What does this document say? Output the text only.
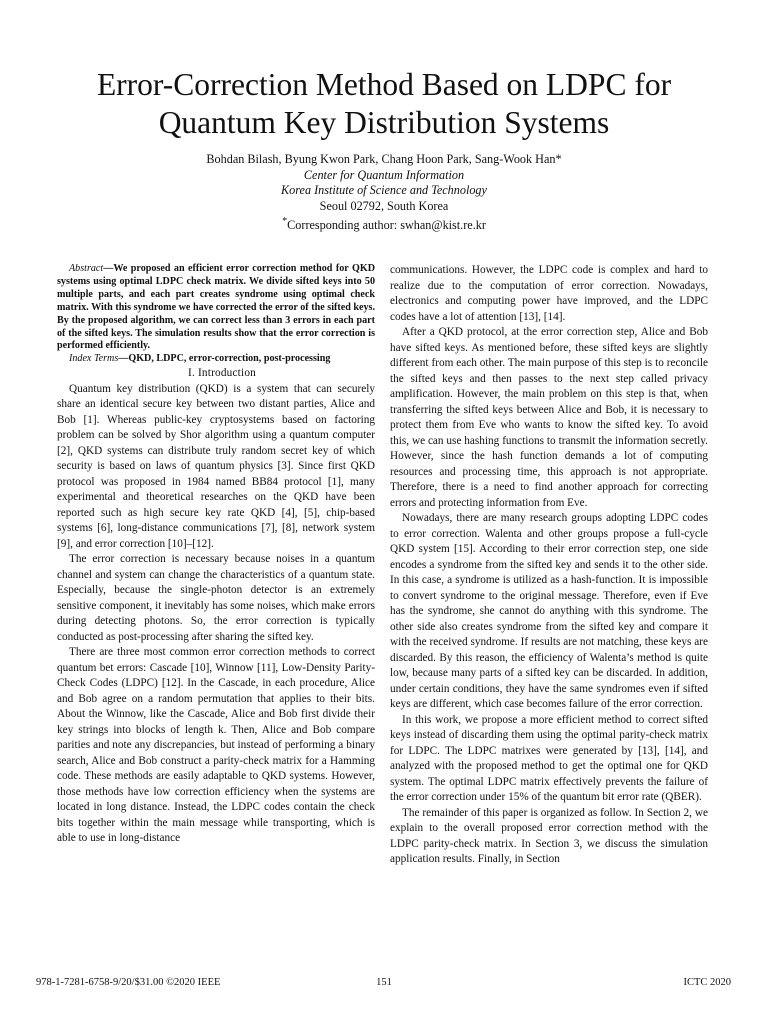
Error-Correction Method Based on LDPC for
Quantum Key Distribution Systems
Bohdan Bilash, Byung Kwon Park, Chang Hoon Park, Sang-Wook Han*
Center for Quantum Information
Korea Institute of Science and Technology
Seoul 02792, South Korea
*Corresponding author: swhan@kist.re.kr

Abstract—We proposed an efficient error correction method for QKD systems using optimal LDPC check matrix. We divide sifted keys into 50 multiple parts, and each part creates syndrome using optimal check matrix. With this syndrome we have corrected the error of the sifted keys. By the proposed algorithm, we can correct less than 3 errors in each part of the sifted keys. The simulation results show that the error correction is performed efficiently.

Index Terms—QKD, LDPC, error-correction, post-processing

I. Introduction

Quantum key distribution (QKD) is a system that can securely share an identical secure key between two distant parties, Alice and Bob [1]. Whereas public-key cryptosystems based on factoring problem can be solved by Shor algorithm using a quantum computer [2], QKD systems can distribute truly random secret key of which security is based on laws of quantum physics [3]. Since first QKD protocol was proposed in 1984 named BB84 protocol [1], many experimental and theoretical researches on the QKD have been reported such as high secure key rate QKD [4], [5], chip-based systems [6], long-distance communications [7], [8], network system [9], and error correction [10]–[12].

The error correction is necessary because noises in a quantum channel and system can change the characteristics of a quantum state. Especially, because the single-photon detector is an extremely sensitive component, it inevitably has some noises, which make errors during detecting photons. So, the error correction is typically conducted as post-processing after sharing the sifted key.

There are three most common error correction methods to correct quantum bet errors: Cascade [10], Winnow [11], Low-Density Parity-Check Codes (LDPC) [12]. In the Cascade, in each procedure, Alice and Bob agree on a random permutation that applies to their bits. About the Winnow, like the Cascade, Alice and Bob first divide their key strings into blocks of length k. Then, Alice and Bob compare parities and note any discrepancies, but instead of performing a binary search, Alice and Bob construct a parity-check matrix for a Hamming code. These methods are easily adaptable to QKD systems. However, those methods have low correction efficiency when the systems are located in long distance. Instead, the LDPC codes contain the check bits together within the main message while transporting, which is able to use in long-distance

communications. However, the LDPC code is complex and hard to realize due to the computation of error correction. Nowadays, electronics and computing power have improved, and the LDPC codes have a lot of attention [13], [14].

After a QKD protocol, at the error correction step, Alice and Bob have sifted keys. As mentioned before, these sifted keys are slightly different from each other. The main purpose of this step is to reconcile the sifted keys and then passes to the next step called privacy amplification. However, the main problem on this step is that, when transferring the sifted keys between Alice and Bob, it is necessary to protect them from Eve who wants to know the sifted key. To avoid this, we can use hashing functions to transmit the information secretly. However, since the hash function demands a lot of computing resources and processing time, this approach is not appropriate. Therefore, there is a need to find another approach for correcting errors and protecting information from Eve.

Nowadays, there are many research groups adopting LDPC codes to error correction. Walenta and other groups propose a full-cycle QKD system [15]. According to their error correction step, one side encodes a syndrome from the sifted key and sends it to the other side. In this case, a syndrome is utilized as a hash-function. It is impossible to convert syndrome to the original message. Therefore, even if Eve has the syndrome, she cannot do anything with this syndrome. The other side also creates syndrome from the sifted key and compare it with the received syndrome. If results are not matching, these keys are discarded. By this reason, the efficiency of Walenta’s method is quite low, because many parts of a sifted key can be discarded. In addition, under certain conditions, they have the same syndromes even if sifted keys are different, which case becomes failure of the error correction.

In this work, we propose a more efficient method to correct sifted keys instead of discarding them using the optimal parity-check matrix for LDPC. The LDPC matrixes were generated by [13], [14], and analyzed with the proposed method to get the optimal one for QKD system. The optimal LDPC matrix effectively prevents the failure of the error correction under 15% of the quantum bit error rate (QBER).

The remainder of this paper is organized as follow. In Section 2, we explain to the overall proposed error correction method with the LDPC parity-check matrix. In Section 3, we discuss the simulation application results. Finally, in Section

978-1-7281-6758-9/20/$31.00 ©2020 IEEE	151	ICTC 2020
